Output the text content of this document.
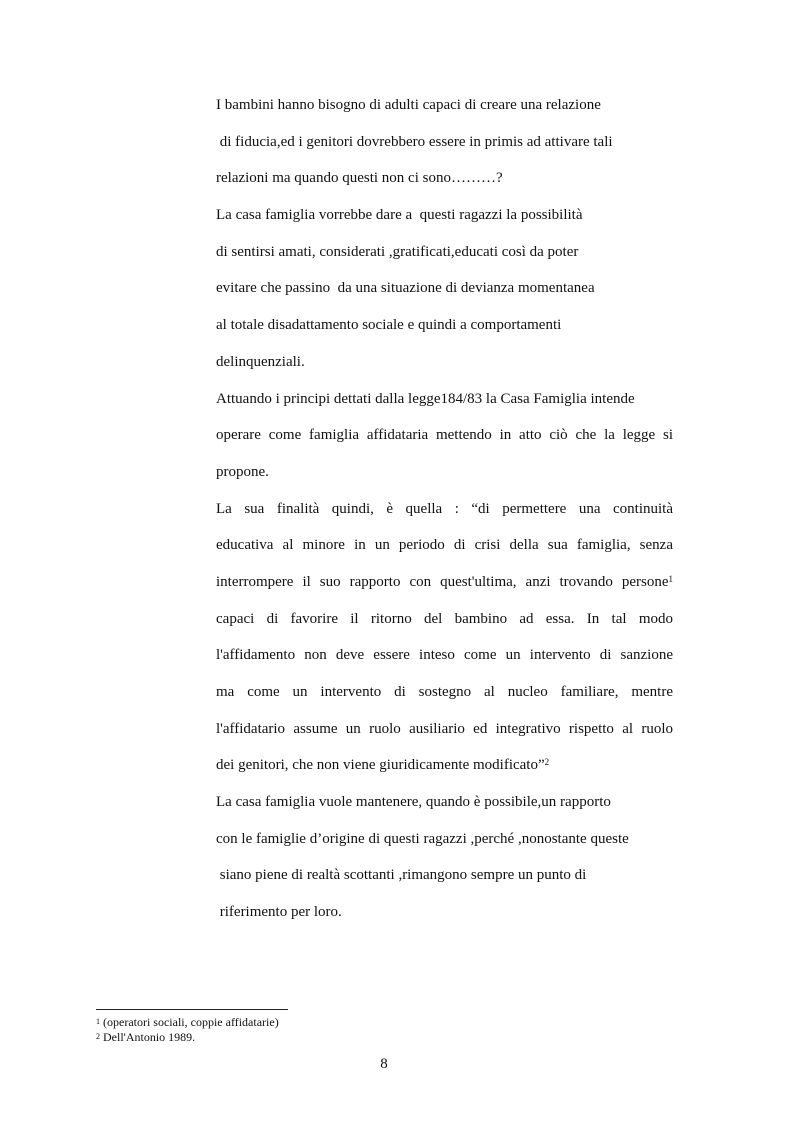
I bambini hanno bisogno di adulti capaci di creare una relazione
di fiducia,ed i genitori dovrebbero essere in primis ad attivare tali
relazioni ma quando questi non ci sono………?
La casa famiglia vorrebbe dare a  questi ragazzi la possibilità
di sentirsi amati, considerati ,gratificati,educati così da poter
evitare che passino  da una situazione di devianza momentanea
al totale disadattamento sociale e quindi a comportamenti
delinquenziali.
Attuando i principi dettati dalla legge184/83 la Casa Famiglia intende
operare come famiglia affidataria mettendo in atto ciò che la legge si
propone.
La sua finalità quindi, è quella : “di permettere una continuità
educativa al minore in un periodo di crisi della sua famiglia, senza
interrompere il suo rapporto con quest'ultima, anzi trovando persone$^1$
capaci di favorire il ritorno del bambino ad essa. In tal modo
l'affidamento non deve essere inteso come un intervento di sanzione
ma come un intervento di sostegno al nucleo familiare, mentre
l'affidatario assume un ruolo ausiliario ed integrativo rispetto al ruolo
dei genitori, che non viene giuridicamente modificato”$^2$
La casa famiglia vuole mantenere, quando è possibile,un rapporto
con le famiglie d’origine di questi ragazzi ,perché ,nonostante queste
siano piene di realtà scottanti ,rimangono sempre un punto di
riferimento per loro.
$^1$ (operatori sociali, coppie affidatarie)
$^2$ Dell'Antonio 1989.
8
